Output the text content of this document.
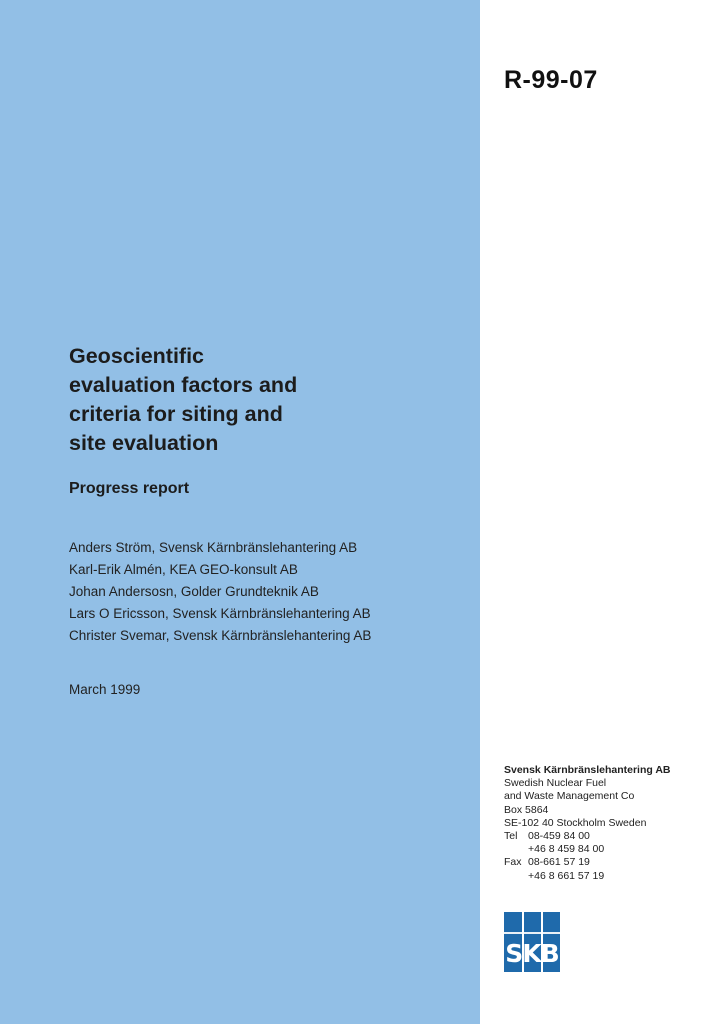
R-99-07
Geoscientific
evaluation factors and
criteria for siting and
site evaluation
Progress report
Anders Ström, Svensk Kärnbränslehantering AB
Karl-Erik Almén, KEA GEO-konsult AB
Johan Andersosn, Golder Grundteknik AB
Lars O Ericsson, Svensk Kärnbränslehantering AB
Christer Svemar, Svensk Kärnbränslehantering AB
March 1999
Svensk Kärnbränslehantering AB
Swedish Nuclear Fuel
and Waste Management Co
Box 5864
SE-102 40 Stockholm Sweden
Tel	08-459 84 00
+46 8 459 84 00
Fax 08-661 57 19
+46 8 661 57 19
SKB
